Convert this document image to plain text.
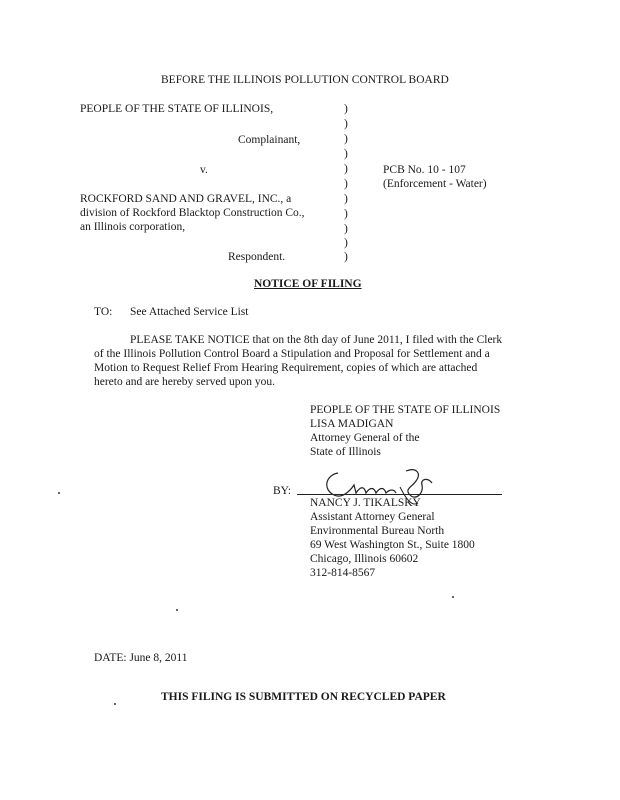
BEFORE THE ILLINOIS POLLUTION CONTROL BOARD
PEOPLE OF THE STATE OF ILLINOIS,
Complainant,
v.
ROCKFORD SAND AND GRAVEL, INC., a
division of Rockford Blacktop Construction Co.,
an Illinois corporation,
Respondent.
)
)
)
)
)
)
)
)
)
)
)
PCB No. 10 - 107
(Enforcement - Water)
NOTICE OF FILING
TO: See Attached Service List
PLEASE TAKE NOTICE that on the 8th day of June 2011, I filed with the Clerk
of the Illinois Pollution Control Board a Stipulation and Proposal for Settlement and a
Motion to Request Relief From Hearing Requirement, copies of which are attached
hereto and are hereby served upon you.
PEOPLE OF THE STATE OF ILLINOIS
LISA MADIGAN
Attorney General of the
State of Illinois
BY:
NANCY J. TIKALSKY
Assistant Attorney General
Environmental Bureau North
69 West Washington St., Suite 1800
Chicago, Illinois 60602
312-814-8567
DATE: June 8, 2011
THIS FILING IS SUBMITTED ON RECYCLED PAPER
